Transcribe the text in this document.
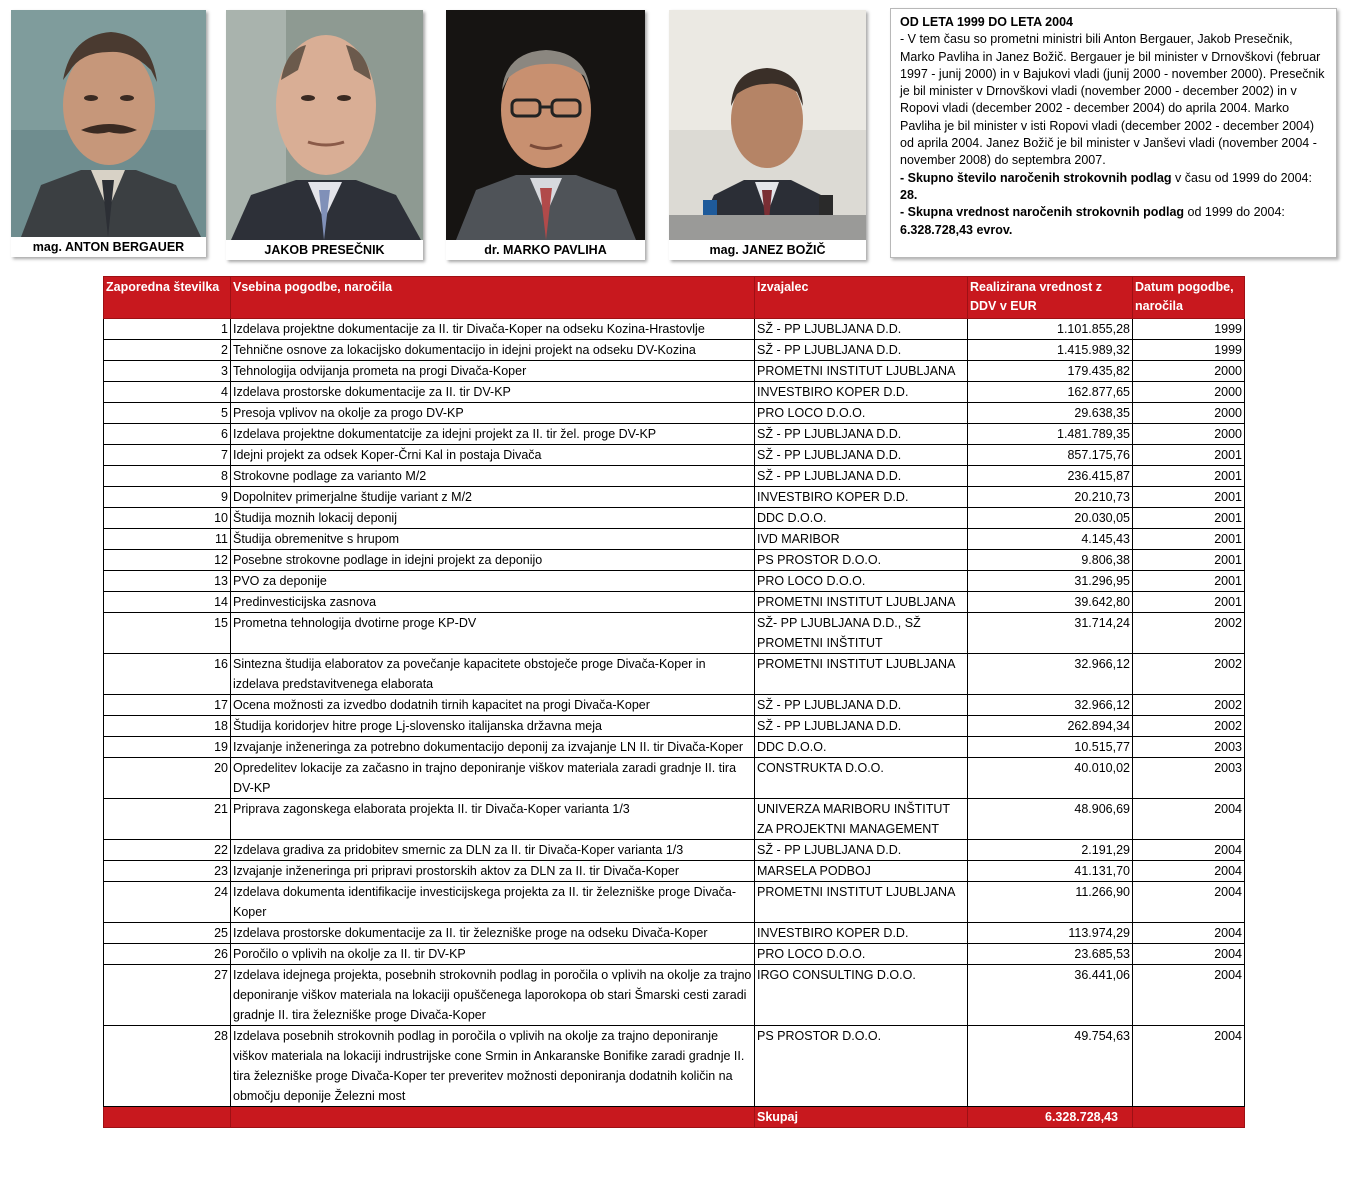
mag. ANTON BERGAUER	JAKOB PRESEČNIK	dr. MARKO PAVLIHA	mag. JANEZ BOŽIČ
OD LETA 1999 DO LETA 2004
- V tem času so prometni ministri bili Anton Bergauer, Jakob Presečnik, Marko Pavliha in Janez Božič. Bergauer je bil minister v Drnovškovi (februar 1997 - junij 2000) in v Bajukovi vladi (junij 2000 - november 2000). Presečnik je bil minister v Drnovškovi vladi (november 2000 - december 2002) in v Ropovi vladi (december 2002 - december 2004) do aprila 2004. Marko Pavliha je bil minister v isti Ropovi vladi (december 2002 - december 2004) od aprila 2004. Janez Božič je bil minister v Janševi vladi (november 2004 - november 2008) do septembra 2007.
- Skupno število naročenih strokovnih podlag v času od 1999 do 2004:
28.
- Skupna vrednost naročenih strokovnih podlag od 1999 do 2004:
6.328.728,43 evrov.
Zaporedna številka	Vsebina pogodbe, naročila	Izvajalec	Realizirana vrednost z DDV v EUR	Datum pogodbe, naročila
1	Izdelava projektne dokumentacije za II. tir Divača-Koper na odseku Kozina-Hrastovlje	SŽ - PP LJUBLJANA D.D.	1.101.855,28	1999
2	Tehnične osnove za lokacijsko dokumentacijo in idejni projekt na odseku DV-Kozina	SŽ - PP LJUBLJANA D.D.	1.415.989,32	1999
3	Tehnologija odvijanja prometa na progi Divača-Koper	PROMETNI INSTITUT LJUBLJANA	179.435,82	2000
4	Izdelava prostorske dokumentacije za II. tir DV-KP	INVESTBIRO KOPER D.D.	162.877,65	2000
5	Presoja vplivov na okolje za progo DV-KP	PRO LOCO D.O.O.	29.638,35	2000
6	Izdelava projektne dokumentatcije za idejni projekt za II. tir žel. proge DV-KP	SŽ - PP LJUBLJANA D.D.	1.481.789,35	2000
7	Idejni projekt za odsek Koper-Črni Kal in postaja Divača	SŽ - PP LJUBLJANA D.D.	857.175,76	2001
8	Strokovne podlage za varianto M/2	SŽ - PP LJUBLJANA D.D.	236.415,87	2001
9	Dopolnitev primerjalne študije variant z M/2	INVESTBIRO KOPER D.D.	20.210,73	2001
10	Študija moznih lokacij deponij	DDC D.O.O.	20.030,05	2001
11	Študija obremenitve s hrupom	IVD MARIBOR	4.145,43	2001
12	Posebne strokovne podlage in idejni projekt za deponijo	PS PROSTOR D.O.O.	9.806,38	2001
13	PVO za deponije	PRO LOCO D.O.O.	31.296,95	2001
14	Predinvesticijska zasnova	PROMETNI INSTITUT LJUBLJANA	39.642,80	2001
15	Prometna tehnologija dvotirne proge KP-DV	SŽ- PP LJUBLJANA D.D., SŽ PROMETNI INŠTITUT	31.714,24	2002
16	Sintezna študija elaboratov za povečanje kapacitete obstoječe proge Divača-Koper in izdelava predstavitvenega elaborata	PROMETNI INSTITUT LJUBLJANA	32.966,12	2002
17	Ocena možnosti za izvedbo dodatnih tirnih kapacitet na progi Divača-Koper	SŽ - PP LJUBLJANA D.D.	32.966,12	2002
18	Študija koridorjev hitre proge Lj-slovensko italijanska državna meja	SŽ - PP LJUBLJANA D.D.	262.894,34	2002
19	Izvajanje inženeringa za potrebno dokumentacijo deponij za izvajanje LN II. tir Divača-Koper	DDC D.O.O.	10.515,77	2003
20	Opredelitev lokacije za začasno in trajno deponiranje viškov materiala zaradi gradnje II. tira DV-KP	CONSTRUKTA D.O.O.	40.010,02	2003
21	Priprava zagonskega elaborata projekta II. tir Divača-Koper varianta 1/3	UNIVERZA MARIBORU INŠTITUT ZA PROJEKTNI MANAGEMENT	48.906,69	2004
22	Izdelava gradiva za pridobitev smernic za DLN za II. tir Divača-Koper varianta 1/3	SŽ - PP LJUBLJANA D.D.	2.191,29	2004
23	Izvajanje inženeringa pri pripravi prostorskih aktov za DLN za II. tir Divača-Koper	MARSELA PODBOJ	41.131,70	2004
24	Izdelava dokumenta identifikacije investicijskega projekta za II. tir železniške proge Divača-Koper	PROMETNI INSTITUT LJUBLJANA	11.266,90	2004
25	Izdelava prostorske dokumentacije za II. tir železniške proge na odseku Divača-Koper	INVESTBIRO KOPER D.D.	113.974,29	2004
26	Poročilo o vplivih na okolje za II. tir DV-KP	PRO LOCO D.O.O.	23.685,53	2004
27	Izdelava idejnega projekta, posebnih strokovnih podlag in poročila o vplivih na okolje za trajno deponiranje viškov materiala na lokaciji opuščenega laporokopa ob stari Šmarski cesti zaradi gradnje II. tira železniške proge Divača-Koper	IRGO CONSULTING D.O.O.	36.441,06	2004
28	Izdelava posebnih strokovnih podlag in poročila o vplivih na okolje za trajno deponiranje viškov materiala na lokaciji indrustrijske cone Srmin in Ankaranske Bonifike zaradi gradnje II. tira železniške proge Divača-Koper ter preveritev možnosti deponiranja dodatnih količin na območju deponije Železni most	PS PROSTOR D.O.O.	49.754,63	2004
		Skupaj	6.328.728,43	
